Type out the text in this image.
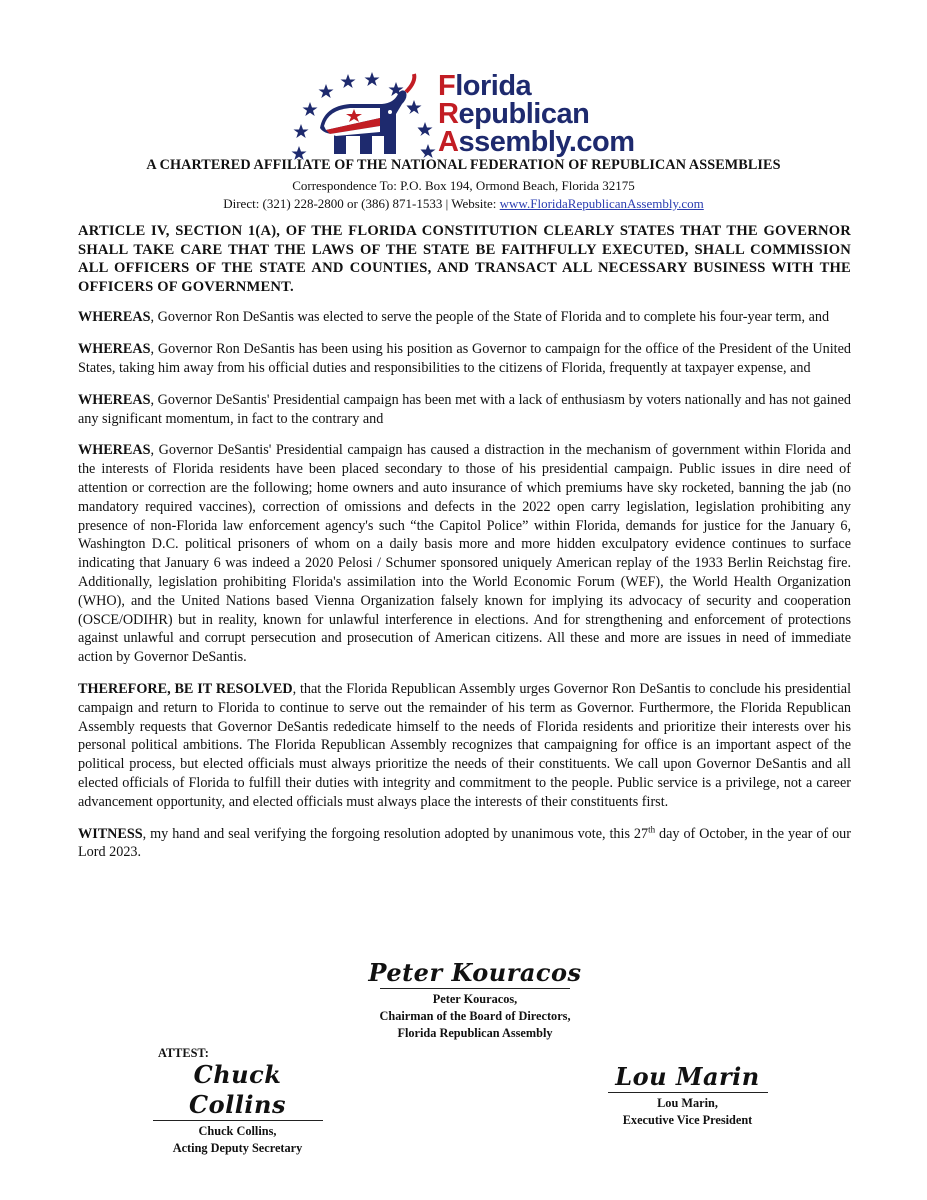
Florida
Republican
Assembly.com
A CHARTERED AFFILIATE OF THE NATIONAL FEDERATION OF REPUBLICAN ASSEMBLIES
Correspondence To: P.O. Box 194, Ormond Beach, Florida 32175
Direct: (321) 228-2800 or (386) 871-1533 | Website: www.FloridaRepublicanAssembly.com

ARTICLE IV, SECTION 1(A), OF THE FLORIDA CONSTITUTION CLEARLY STATES THAT THE GOVERNOR SHALL TAKE CARE THAT THE LAWS OF THE STATE BE FAITHFULLY EXECUTED, SHALL COMMISSION ALL OFFICERS OF THE STATE AND COUNTIES, AND TRANSACT ALL NECESSARY BUSINESS WITH THE OFFICERS OF GOVERNMENT.

WHEREAS, Governor Ron DeSantis was elected to serve the people of the State of Florida and to complete his four-year term, and

WHEREAS, Governor Ron DeSantis has been using his position as Governor to campaign for the office of the President of the United States, taking him away from his official duties and responsibilities to the citizens of Florida, frequently at taxpayer expense, and

WHEREAS, Governor DeSantis' Presidential campaign has been met with a lack of enthusiasm by voters nationally and has not gained any significant momentum, in fact to the contrary and

WHEREAS, Governor DeSantis' Presidential campaign has caused a distraction in the mechanism of government within Florida and the interests of Florida residents have been placed secondary to those of his presidential campaign. Public issues in dire need of attention or correction are the following; home owners and auto insurance of which premiums have sky rocketed, banning the jab (no mandatory required vaccines), correction of omissions and defects in the 2022 open carry legislation, legislation prohibiting any presence of non-Florida law enforcement agency's such “the Capitol Police” within Florida, demands for justice for the January 6, Washington D.C. political prisoners of whom on a daily basis more and more hidden exculpatory evidence continues to surface indicating that January 6 was indeed a 2020 Pelosi / Schumer sponsored uniquely American replay of the 1933 Berlin Reichstag fire. Additionally, legislation prohibiting Florida's assimilation into the World Economic Forum (WEF), the World Health Organization (WHO), and the United Nations based Vienna Organization falsely known for implying its advocacy of security and cooperation (OSCE/ODIHR) but in reality, known for unlawful interference in elections. And for strengthening and enforcement of protections against unlawful and corrupt persecution and prosecution of American citizens. All these and more are issues in need of immediate action by Governor DeSantis.

THEREFORE, BE IT RESOLVED, that the Florida Republican Assembly urges Governor Ron DeSantis to conclude his presidential campaign and return to Florida to continue to serve out the remainder of his term as Governor. Furthermore, the Florida Republican Assembly requests that Governor DeSantis rededicate himself to the needs of Florida residents and prioritize their interests over his personal political ambitions. The Florida Republican Assembly recognizes that campaigning for office is an important aspect of the political process, but elected officials must always prioritize the needs of their constituents. We call upon Governor DeSantis and all elected officials of Florida to fulfill their duties with integrity and commitment to the people. Public service is a privilege, not a career advancement opportunity, and elected officials must always place the interests of their constituents first.

WITNESS, my hand and seal verifying the forgoing resolution adopted by unanimous vote, this 27th day of October, in the year of our Lord 2023.

Peter Kouracos
Peter Kouracos,
Chairman of the Board of Directors,
Florida Republican Assembly
ATTEST:
Chuck Collins
Chuck Collins,
Acting Deputy Secretary
Lou Marin
Lou Marin,
Executive Vice President
